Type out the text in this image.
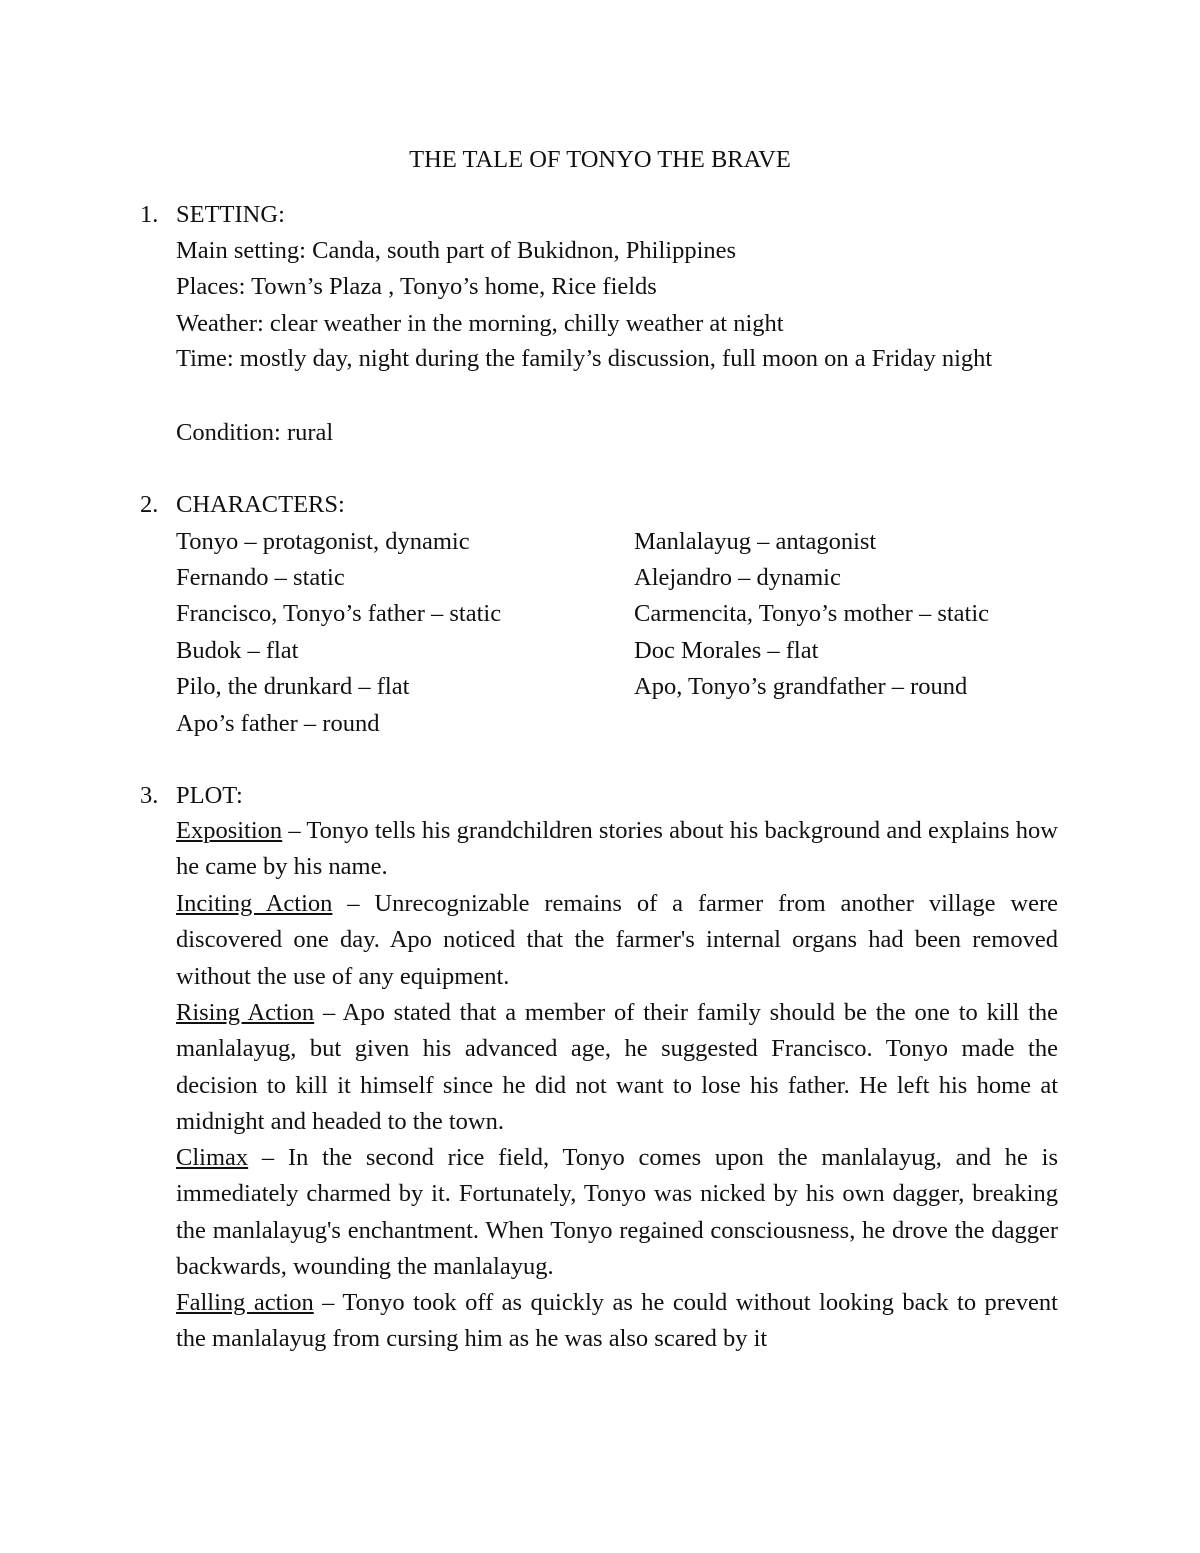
THE TALE OF TONYO THE BRAVE
1. SETTING:
Main setting: Canda, south part of Bukidnon, Philippines
Places: Town’s Plaza , Tonyo’s home, Rice fields
Weather: clear weather in the morning, chilly weather at night
Time: mostly day, night during the family’s discussion, full moon on a Friday night
Condition: rural
2. CHARACTERS:
Tonyo – protagonist, dynamic
Fernando – static
Francisco, Tonyo’s father – static
Budok – flat
Pilo, the drunkard – flat
Apo’s father – round
Manlalayug – antagonist
Alejandro – dynamic
Carmencita, Tonyo’s mother – static
Doc Morales – flat
Apo, Tonyo’s grandfather – round
3. PLOT:
Exposition – Tonyo tells his grandchildren stories about his background and explains how he came by his name.
Inciting Action – Unrecognizable remains of a farmer from another village were discovered one day. Apo noticed that the farmer's internal organs had been removed without the use of any equipment.
Rising Action – Apo stated that a member of their family should be the one to kill the manlalayug, but given his advanced age, he suggested Francisco. Tonyo made the decision to kill it himself since he did not want to lose his father. He left his home at midnight and headed to the town.
Climax – In the second rice field, Tonyo comes upon the manlalayug, and he is immediately charmed by it. Fortunately, Tonyo was nicked by his own dagger, breaking the manlalayug's enchantment. When Tonyo regained consciousness, he drove the dagger backwards, wounding the manlalayug.
Falling action – Tonyo took off as quickly as he could without looking back to prevent the manlalayug from cursing him as he was also scared by it
